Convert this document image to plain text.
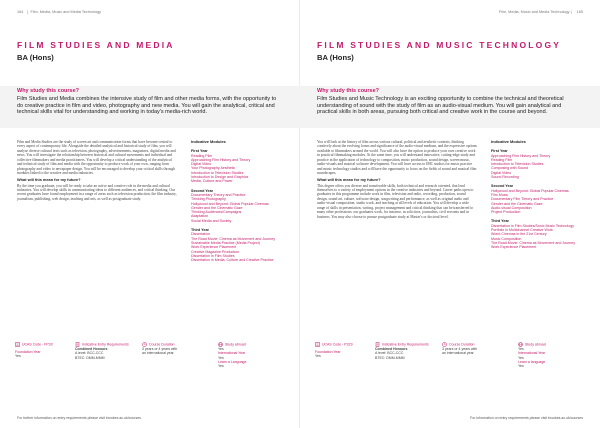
164 |  Film, Media, Music and Media Technology
FILM STUDIES AND MEDIA
BA (Hons)
Why study this course?
Film Studies and Media combines the intensive study of film and other media forms, with the opportunity to do creative practice in film and video, photography and new media. You will gain the analytical, critical and technical skills vital for understanding and working in today's media-rich world.

Film and Media Studies are the study of screen art and communication forms that have become central to every aspect of contemporary life. Alongside the detailed analytical and historical study of film, you will analyse diverse cultural texts such as television, photography, advertisements, magazines, digital media and news. You will investigate the relationship between historical and cultural movements and individual and collective filmmakers and media practitioners. You will develop a critical understanding of the analytical and technical study of film and media with the opportunity to produce work of your own, ranging from photography and video to newspaper design. You will be encouraged to develop your critical skills through modules linked to the creative and media industries.

What will this mean for my future?

By the time you graduate, you will be ready to take an active and creative role in the media and cultural industries. You will develop skills in communicating ideas to different audiences, and critical thinking. Our recent graduates have found employment in a range of areas such as television production, the film industry, journalism, publishing, web design, teaching and arts, as well as postgraduate study.

Indicative Modules
First Year
Reading Film
Approaching Film History and Theory
Digital Video
Your Photography Aesthetic
Introduction to Television Studies
Introduction to Design and Graphics
Media, Culture and Power
Second Year
Documentary Theory and Practice
Thinking Photography
Hollywood and Beyond: Global Popular Cinemas
Gender and the Cinematic Gaze
Thinking Audiences/Campaigns
Adaptation
Social Media and Society
Third Year
Dissertation
The Road Movie: Cinema as Movement and Journey
Sustainable Media Practice (Media Project)
Work Experience Placement
Creative Magazine Production
Dissertation in Film Studies
Dissertation in Media, Culture and Creative Practice
UCAS Code - FP3X
Foundation Year
Yes
Indicative Entry Requirements
Combined Honours
A level: BCC-CCC
BTEC: DMM-MMM
Course Duration
3 years or 4 years with
an international year
Study abroad
Yes
International Year
Yes
Learn a Language
Yes
For further information on entry requirements please visit brookes.ac.uk/courses
Film, Media, Music and Media Technology | 165
FILM STUDIES AND MUSIC TECHNOLOGY
BA (Hons)
Why study this course?
Film Studies and Music Technology is an exciting opportunity to combine the technical and theoretical understanding of sound with the study of film as an audio-visual medium. You will gain analytical and practical skills in both areas, pursuing both critical and creative work in the course and beyond.

You will look at the history of film across various cultural, political and aesthetic contexts, thinking creatively about the evolving forms and significance of the audio-visual medium, and the expressive options available to filmmakers around the world. You will also have the option to produce your own creative work in practical filmmaking modules. At the same time, you will understand innovative, cutting-edge study and practice in the application of technology to composition, music production, sound design, screen music, audio-visuals and musical software development. You will have access to IMC studios for music practice and music technology studios and will have the opportunity to focus on the fields of sound and musical film soundscapes.

What will this mean for my future?

This degree offers you diverse and transferable skills, both technical and research oriented, that lend themselves to a variety of employment options in the creative industries and beyond. Career paths open to graduates in this programme include work in film, television and radio, recording, production, sound design, sound art, culture, software design, songwriting and performance, as well as original audio and audio-visual composition, studio work, and teaching at all levels of education. You will develop a wide range of skills in presentation, writing, project management and critical thinking that can be transferred to many other professions: our graduates work, for instance, as solicitors, journalists, civil servants and in business. You may also choose to pursue postgraduate study at Master's or doctoral level.

Indicative Modules
First Year
Approaching Film History and Theory
Reading Film
Introduction to Television Studies
Composing with Sound
Digital Video
Sound Recording
Second Year
Hollywood and Beyond: Global Popular Cinemas
Film Music
Documentary Film Theory and Practice
Gender and the Cinematic Gaze
Audio-visual Composition
Project Production
Third Year
Dissertation in Film Studies/Sonic Music Technology
Portfolio in Multichannel Creative Work
World Cinemas in the 21st Century
Music Composition
The Road Movie: Cinema as Movement and Journey
Work Experience Placement
UCAS Code - P3Z9
Foundation Year
Yes
Indicative Entry Requirements
Combined Honours
A level: BCC-CCC
BTEC: DMM-MMM
Course Duration
3 years or 4 years with
an international year
Study abroad
Yes
International Year
Yes
Learn a language
Yes
For information on entry requirements please visit brookes.ac.uk/courses
